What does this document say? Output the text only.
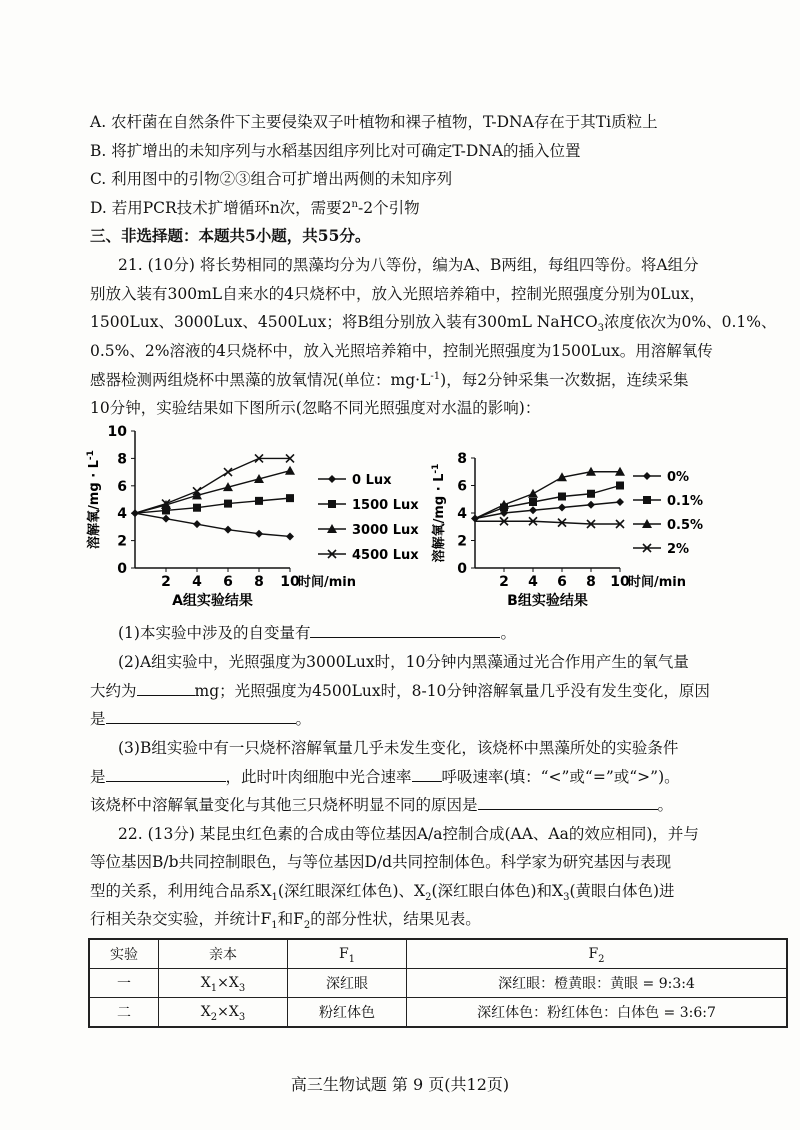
A. 农杆菌在自然条件下主要侵染双子叶植物和裸子植物，T-DNA存在于其Ti质粒上
B. 将扩增出的未知序列与水稻基因组序列比对可确定T-DNA的插入位置
C. 利用图中的引物②③组合可扩增出两侧的未知序列
D. 若用PCR技术扩增循环n次，需要2$^n$-2个引物
三、非选择题：本题共5小题，共55分。
21. (10分) 将长势相同的黑藻均分为八等份，编为A、B两组，每组四等份。将A组分
别放入装有300mL自来水的4只烧杯中，放入光照培养箱中，控制光照强度分别为0Lux，
1500Lux、3000Lux、4500Lux；将B组分别放入装有300mL NaHCO$_3$浓度依次为0%、0.1%、
0.5%、2%溶液的4只烧杯中，放入光照培养箱中，控制光照强度为1500Lux。用溶解氧传
感器检测两组烧杯中黑藻的放氧情况(单位：$mg\cdot L^{-1}$)，每2分钟采集一次数据，连续采集
10分钟，实验结果如下图所示(忽略不同光照强度对水温的影响)：
0
2
4
6
8
10
2 4 6 8 10
时间/min
A组实验结果
溶解氧$/mg \cdot L^{-1}$
0 Lux
1500 Lux
3000 Lux
4500 Lux
0
2
4
6
8
2 4 6 8 10
时间/min
B组实验结果
溶解氧$/mg \cdot L^{-1}$
0%
0.1%
0.5%
2%
(1)本实验中涉及的自变量有	。
(2)A组实验中，光照强度为3000Lux时，10分钟内黑藻通过光合作用产生的氧气量
大约为	mg；光照强度为4500Lux时，8-10分钟溶解氧量几乎没有发生变化，原因
是	。
(3)B组实验中有一只烧杯溶解氧量几乎未发生变化，该烧杯中黑藻所处的实验条件
是	，此时叶肉细胞中光合速率 呼吸速率(填：“<”或“=”或“>”)。
该烧杯中溶解氧量变化与其他三只烧杯明显不同的原因是	。
22. (13分) 某昆虫红色素的合成由等位基因A/a控制合成(AA、Aa的效应相同)，并与
等位基因B/b共同控制眼色，与等位基因D/d共同控制体色。科学家为研究基因与表现
型的关系，利用纯合品系$X_1$(深红眼深红体色)、$X_2$(深红眼白体色)和$X_3$(黄眼白体色)进
行相关杂交实验，并统计$F_1$和$F_2$的部分性状，结果见表。
实验	亲本	$F_1$	$F_2$
一	$X_1\times X_3$	深红眼	深红眼：橙黄眼：黄眼 = 9:3:4
二	$X_2\times X_3$	粉红体色	深红体色：粉红体色：白体色 = 3:6:7
高三生物试题 第 9 页(共12页)
